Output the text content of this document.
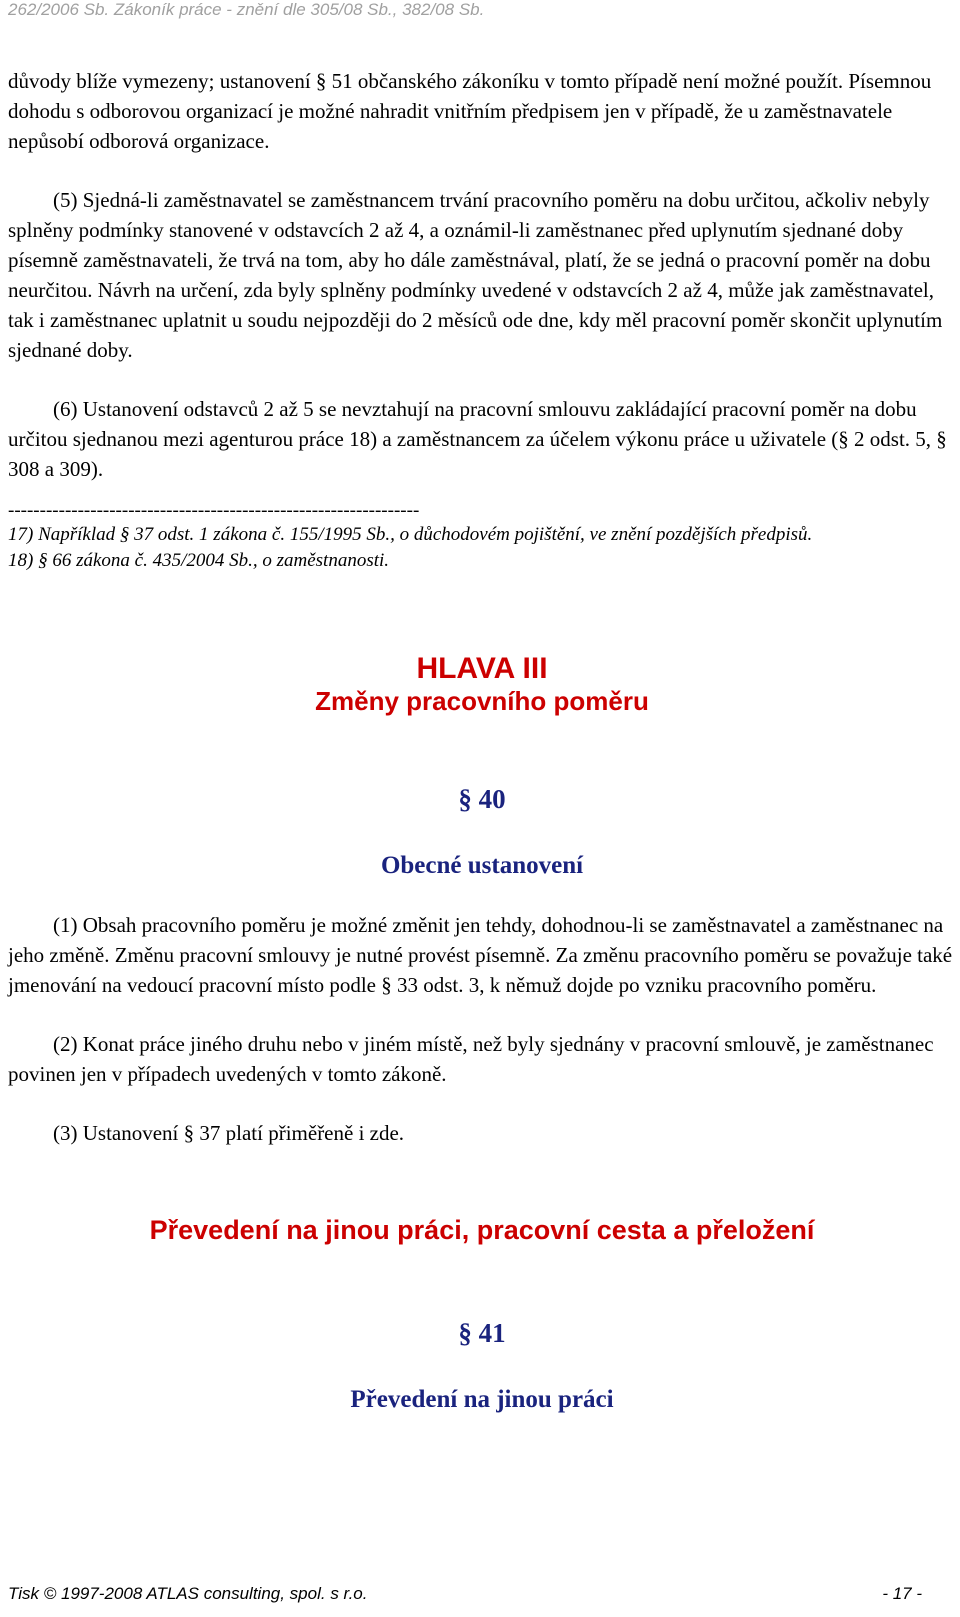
262/2006 Sb. Zákoník práce - znění dle 305/08 Sb., 382/08 Sb.

důvody blíže vymezeny; ustanovení § 51 občanského zákoníku v tomto případě není možné použít. Písemnou dohodu s odborovou organizací je možné nahradit vnitřním předpisem jen v případě, že u zaměstnavatele nepůsobí odborová organizace.

(5) Sjedná-li zaměstnavatel se zaměstnancem trvání pracovního poměru na dobu určitou, ačkoliv nebyly splněny podmínky stanovené v odstavcích 2 až 4, a oznámil-li zaměstnanec před uplynutím sjednané doby písemně zaměstnavateli, že trvá na tom, aby ho dále zaměstnával, platí, že se jedná o pracovní poměr na dobu neurčitou. Návrh na určení, zda byly splněny podmínky uvedené v odstavcích 2 až 4, může jak zaměstnavatel, tak i zaměstnanec uplatnit u soudu nejpozději do 2 měsíců ode dne, kdy měl pracovní poměr skončit uplynutím sjednané doby.

(6) Ustanovení odstavců 2 až 5 se nevztahují na pracovní smlouvu zakládající pracovní poměr na dobu určitou sjednanou mezi agenturou práce 18) a zaměstnancem za účelem výkonu práce u uživatele (§ 2 odst. 5, § 308 a 309).

-----------------------------------------------------------------

17) Například § 37 odst. 1 zákona č. 155/1995 Sb., o důchodovém pojištění, ve znění pozdějších předpisů.

18) § 66 zákona č. 435/2004 Sb., o zaměstnanosti.

HLAVA III
Změny pracovního poměru
§ 40
Obecné ustanovení

(1) Obsah pracovního poměru je možné změnit jen tehdy, dohodnou-li se zaměstnavatel a zaměstnanec na jeho změně. Změnu pracovní smlouvy je nutné provést písemně. Za změnu pracovního poměru se považuje také jmenování na vedoucí pracovní místo podle § 33 odst. 3, k němuž dojde po vzniku pracovního poměru.

(2) Konat práce jiného druhu nebo v jiném místě, než byly sjednány v pracovní smlouvě, je zaměstnanec povinen jen v případech uvedených v tomto zákoně.

(3) Ustanovení § 37 platí přiměřeně i zde.

Převedení na jinou práci, pracovní cesta a přeložení
§ 41
Převedení na jinou práci
Tisk © 1997-2008 ATLAS consulting, spol. s r.o.	- 17 -
